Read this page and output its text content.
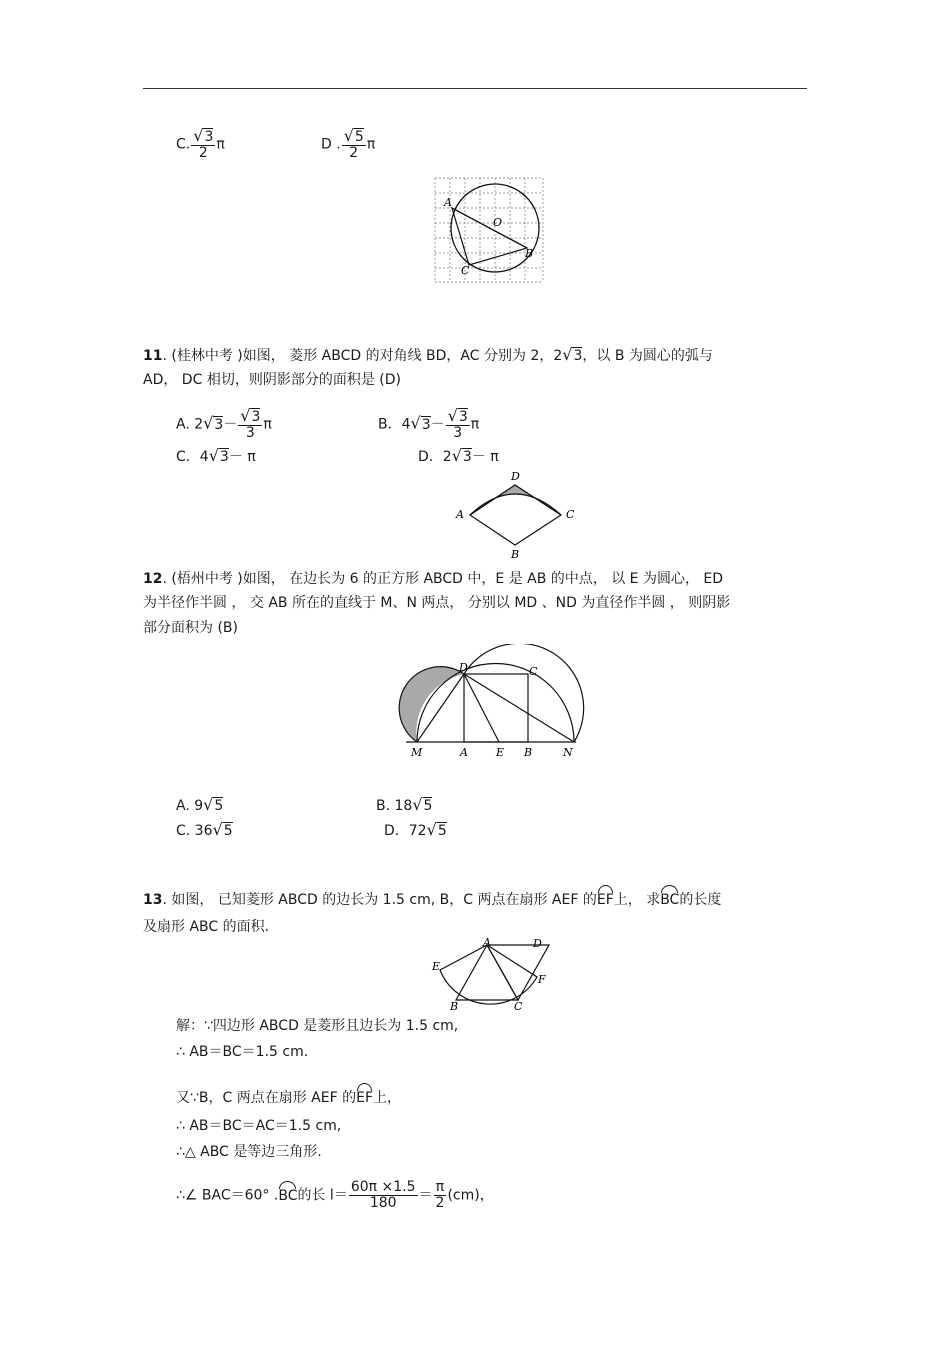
C. $\frac{√3}{2}$ π	D . $\frac{√5}{2}$ π
A
O
B
C
11. (桂林中考 )如图， 菱形 ABCD 的对角线 BD，AC 分别为 2，2√3，以 B 为圆心的弧与
AD， DC 相切，则阴影部分的面积是 (D)
A. $2√3- \frac{√3}{3}$ π	B．$4√3- \frac{√3}{3}$ π
C．4√3－ π	D．2√3－ π
D
A	C
B
12. (梧州中考 )如图， 在边长为 6 的正方形 ABCD 中，E 是 AB 的中点， 以 E 为圆心， ED
为半径作半圆 ， 交 AB 所在的直线于 M、N 两点， 分别以 MD 、ND 为直径作半圆 ， 则阴影
部分面积为 (B)
D	C
M	A	E B	N
A. 9√5	B. 18√5
C. 36√5	D．72√5
13. 如图， 已知菱形 ABCD 的边长为 1.5 cm, B，C 两点在扇形 AEF 的EF上， 求BC的长度
及扇形 ABC 的面积.
A	D
E
F
B	C
解：∵四边形 ABCD 是菱形且边长为 1.5 cm,
∴ AB＝BC＝1.5 cm.
又∵B，C 两点在扇形 AEF 的EF上，
∴ AB＝BC＝AC＝1.5 cm,
∴△ ABC 是等边三角形.
∴∠ BAC＝60° .BC的长 $l= \frac{60\pi \times 1.5}{180} = \frac{\pi}{2} (cm)$，
